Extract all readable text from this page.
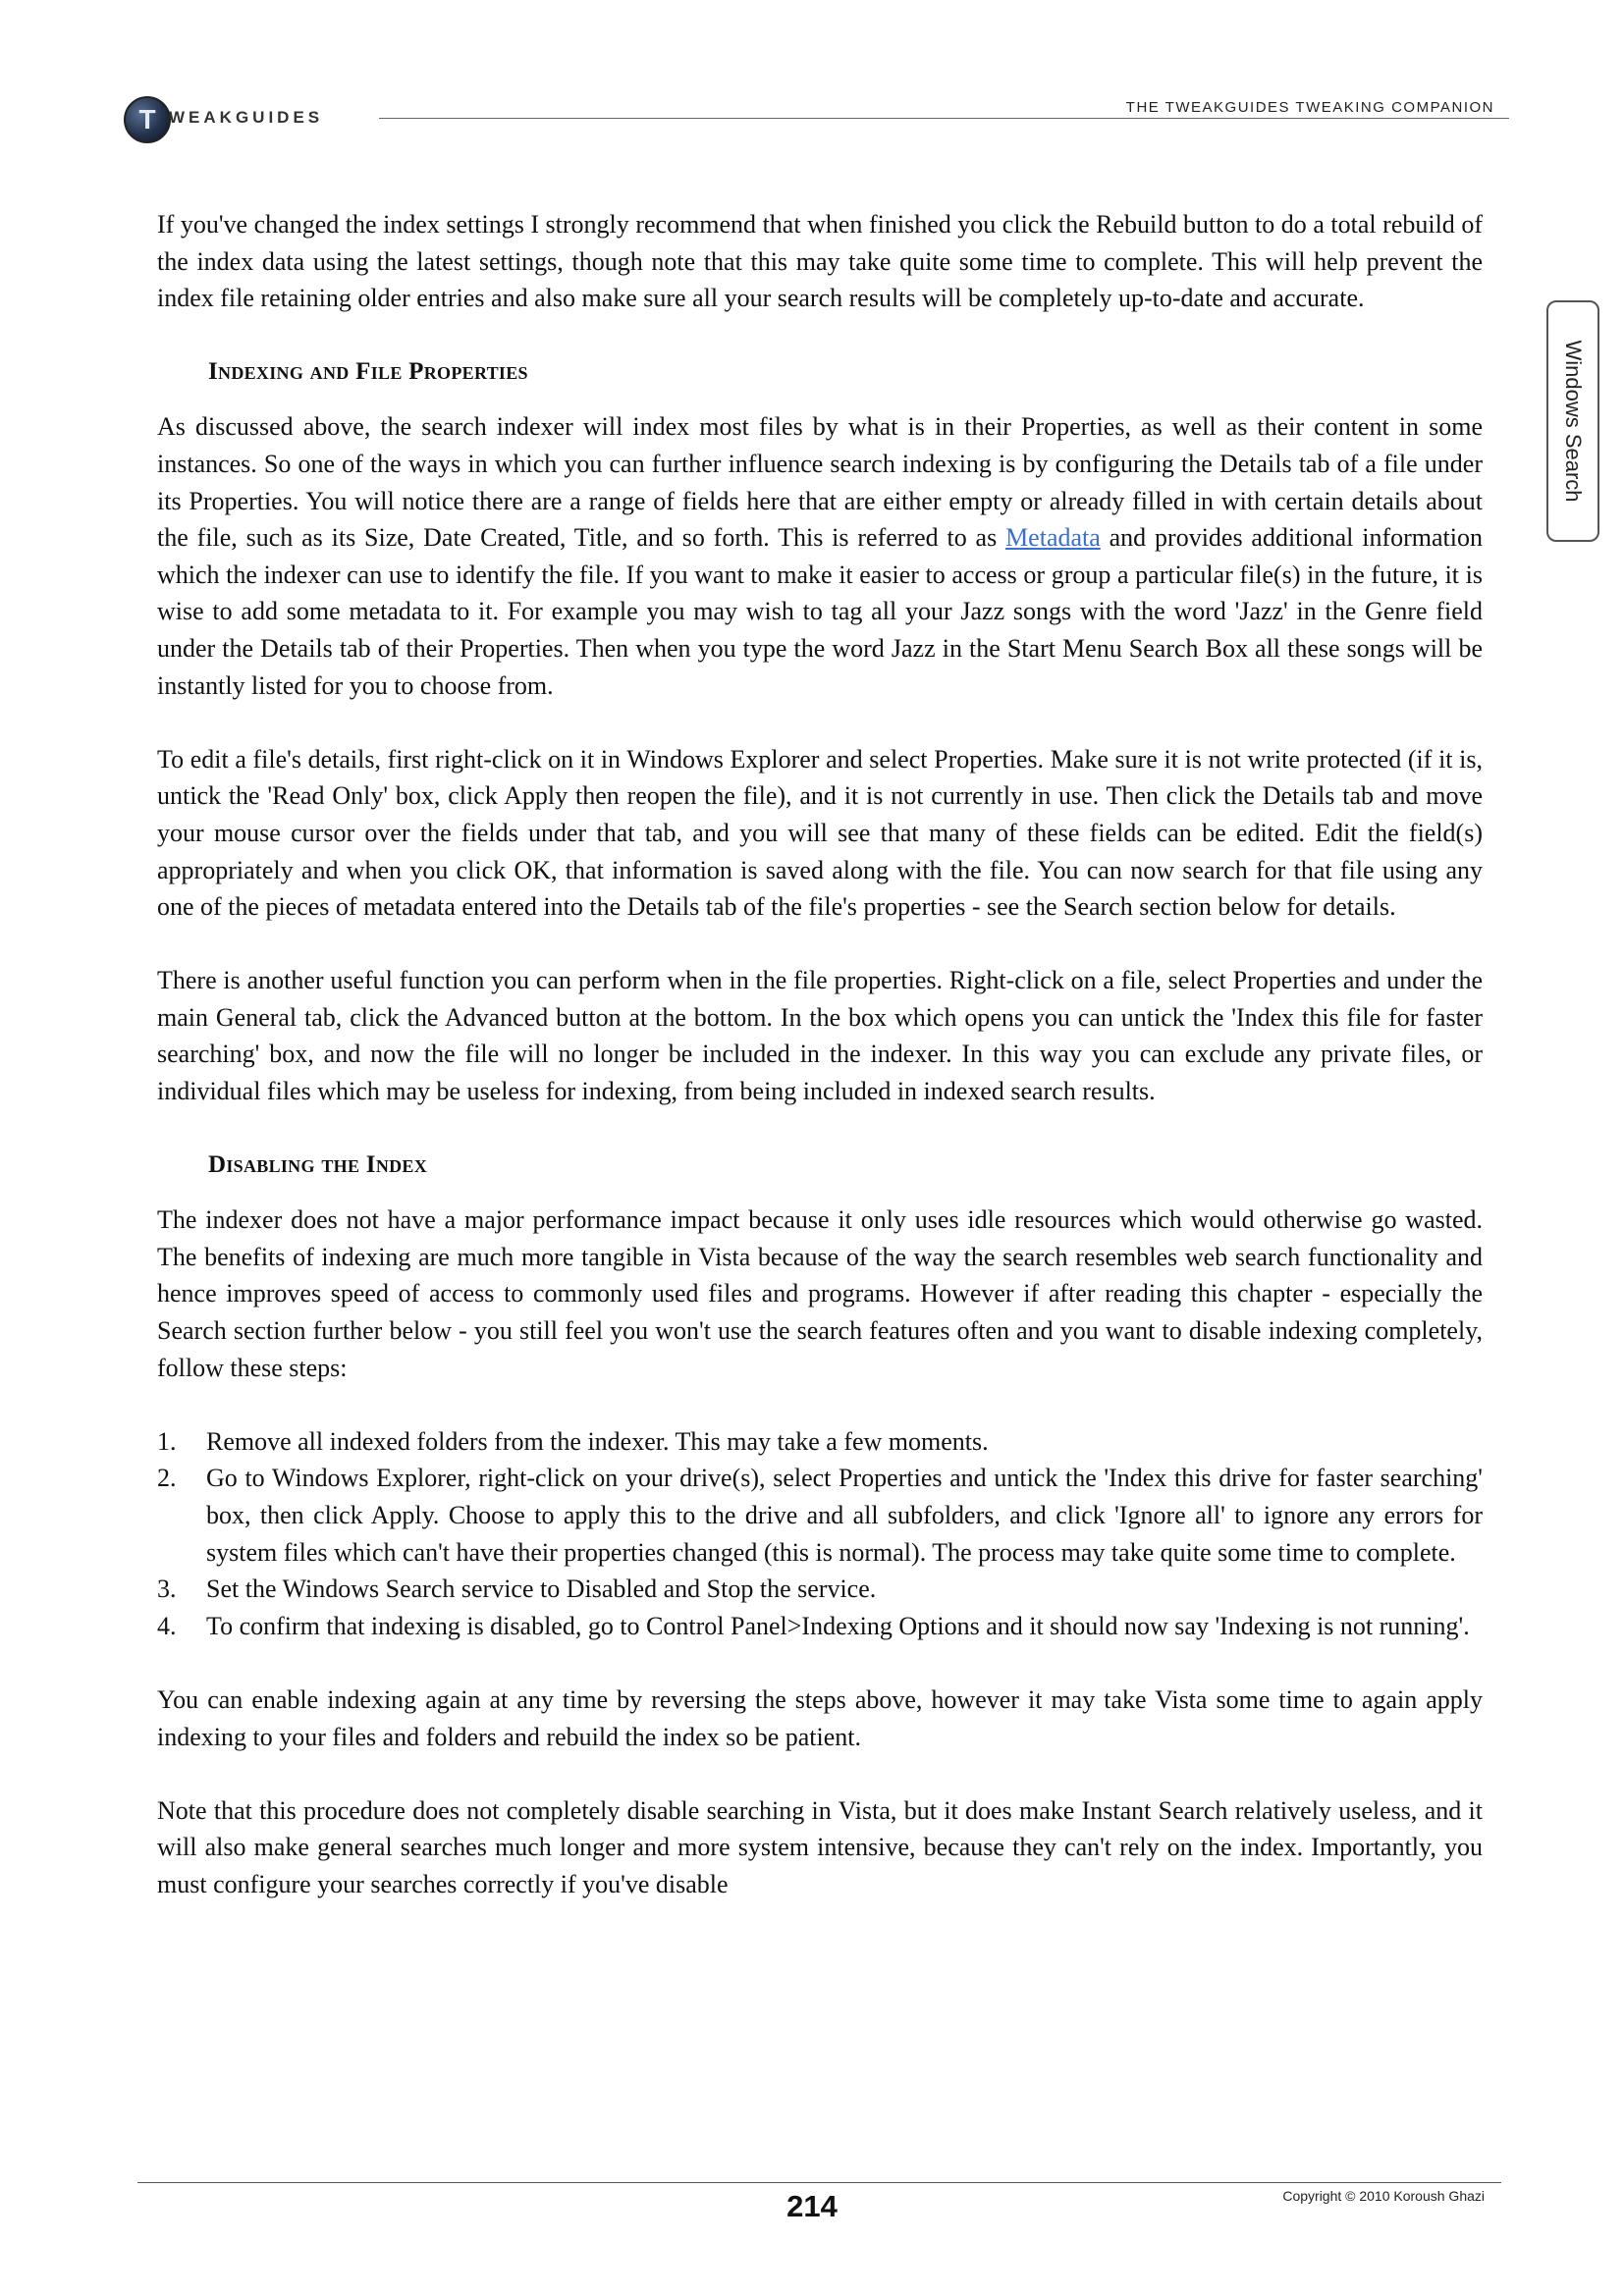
T WEAKGUIDES
THE TWEAKGUIDES TWEAKING COMPANION
Windows Search

If you've changed the index settings I strongly recommend that when finished you click the Rebuild button to do a total rebuild of the index data using the latest settings, though note that this may take quite some time to complete. This will help prevent the index file retaining older entries and also make sure all your search results will be completely up-to-date and accurate.

Indexing and File Properties

As discussed above, the search indexer will index most files by what is in their Properties, as well as their content in some instances. So one of the ways in which you can further influence search indexing is by configuring the Details tab of a file under its Properties. You will notice there are a range of fields here that are either empty or already filled in with certain details about the file, such as its Size, Date Created, Title, and so forth. This is referred to as Metadata and provides additional information which the indexer can use to identify the file. If you want to make it easier to access or group a particular file(s) in the future, it is wise to add some metadata to it. For example you may wish to tag all your Jazz songs with the word 'Jazz' in the Genre field under the Details tab of their Properties. Then when you type the word Jazz in the Start Menu Search Box all these songs will be instantly listed for you to choose from.

To edit a file's details, first right-click on it in Windows Explorer and select Properties. Make sure it is not write protected (if it is, untick the 'Read Only' box, click Apply then reopen the file), and it is not currently in use. Then click the Details tab and move your mouse cursor over the fields under that tab, and you will see that many of these fields can be edited. Edit the field(s) appropriately and when you click OK, that information is saved along with the file. You can now search for that file using any one of the pieces of metadata entered into the Details tab of the file's properties - see the Search section below for details.

There is another useful function you can perform when in the file properties. Right-click on a file, select Properties and under the main General tab, click the Advanced button at the bottom. In the box which opens you can untick the 'Index this file for faster searching' box, and now the file will no longer be included in the indexer. In this way you can exclude any private files, or individual files which may be useless for indexing, from being included in indexed search results.

Disabling the Index

The indexer does not have a major performance impact because it only uses idle resources which would otherwise go wasted. The benefits of indexing are much more tangible in Vista because of the way the search resembles web search functionality and hence improves speed of access to commonly used files and programs. However if after reading this chapter - especially the Search section further below - you still feel you won't use the search features often and you want to disable indexing completely, follow these steps:

1. Remove all indexed folders from the indexer. This may take a few moments.
2. Go to Windows Explorer, right-click on your drive(s), select Properties and untick the 'Index this drive for faster searching' box, then click Apply. Choose to apply this to the drive and all subfolders, and click 'Ignore all' to ignore any errors for system files which can't have their properties changed (this is normal). The process may take quite some time to complete.
3. Set the Windows Search service to Disabled and Stop the service.
4. To confirm that indexing is disabled, go to Control Panel>Indexing Options and it should now say 'Indexing is not running'.

You can enable indexing again at any time by reversing the steps above, however it may take Vista some time to again apply indexing to your files and folders and rebuild the index so be patient.

Note that this procedure does not completely disable searching in Vista, but it does make Instant Search relatively useless, and it will also make general searches much longer and more system intensive, because they can't rely on the index. Importantly, you must configure your searches correctly if you've disable

214	Copyright © 2010 Koroush Ghazi
